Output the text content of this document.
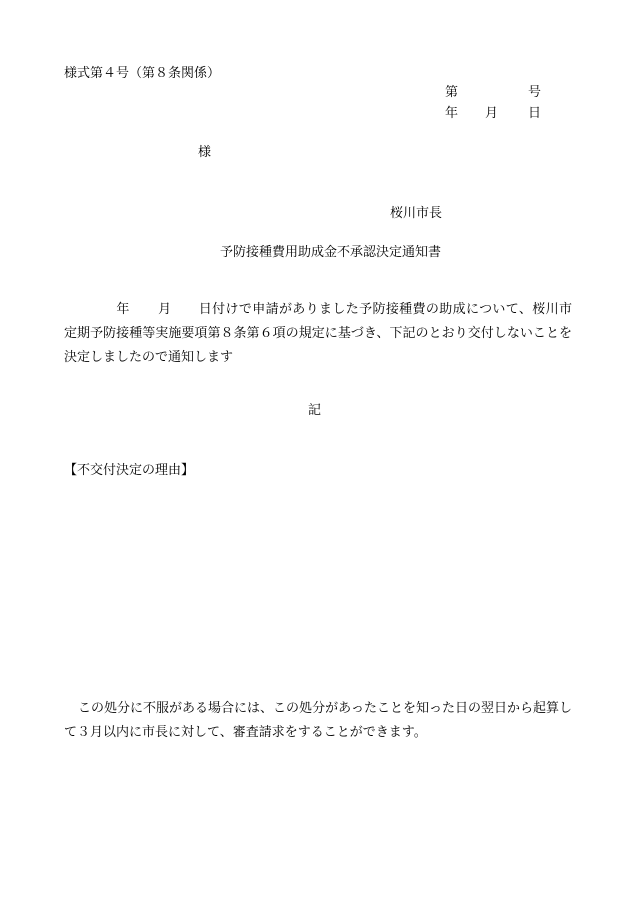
様式第４号（第８条関係）
第	号
年 月 日
様
桜川市長
予防接種費用助成金不承認決定通知書
年 月 日付けで申請がありました予防接種費の助成について、桜川市定期予防接種等実施要項第８条第６項の規定に基づき、下記のとおり交付しないことを決定しましたので通知します
記
【不交付決定の理由】
この処分に不服がある場合には、この処分があったことを知った日の翌日から起算して３月以内に市長に対して、審査請求をすることができます。
